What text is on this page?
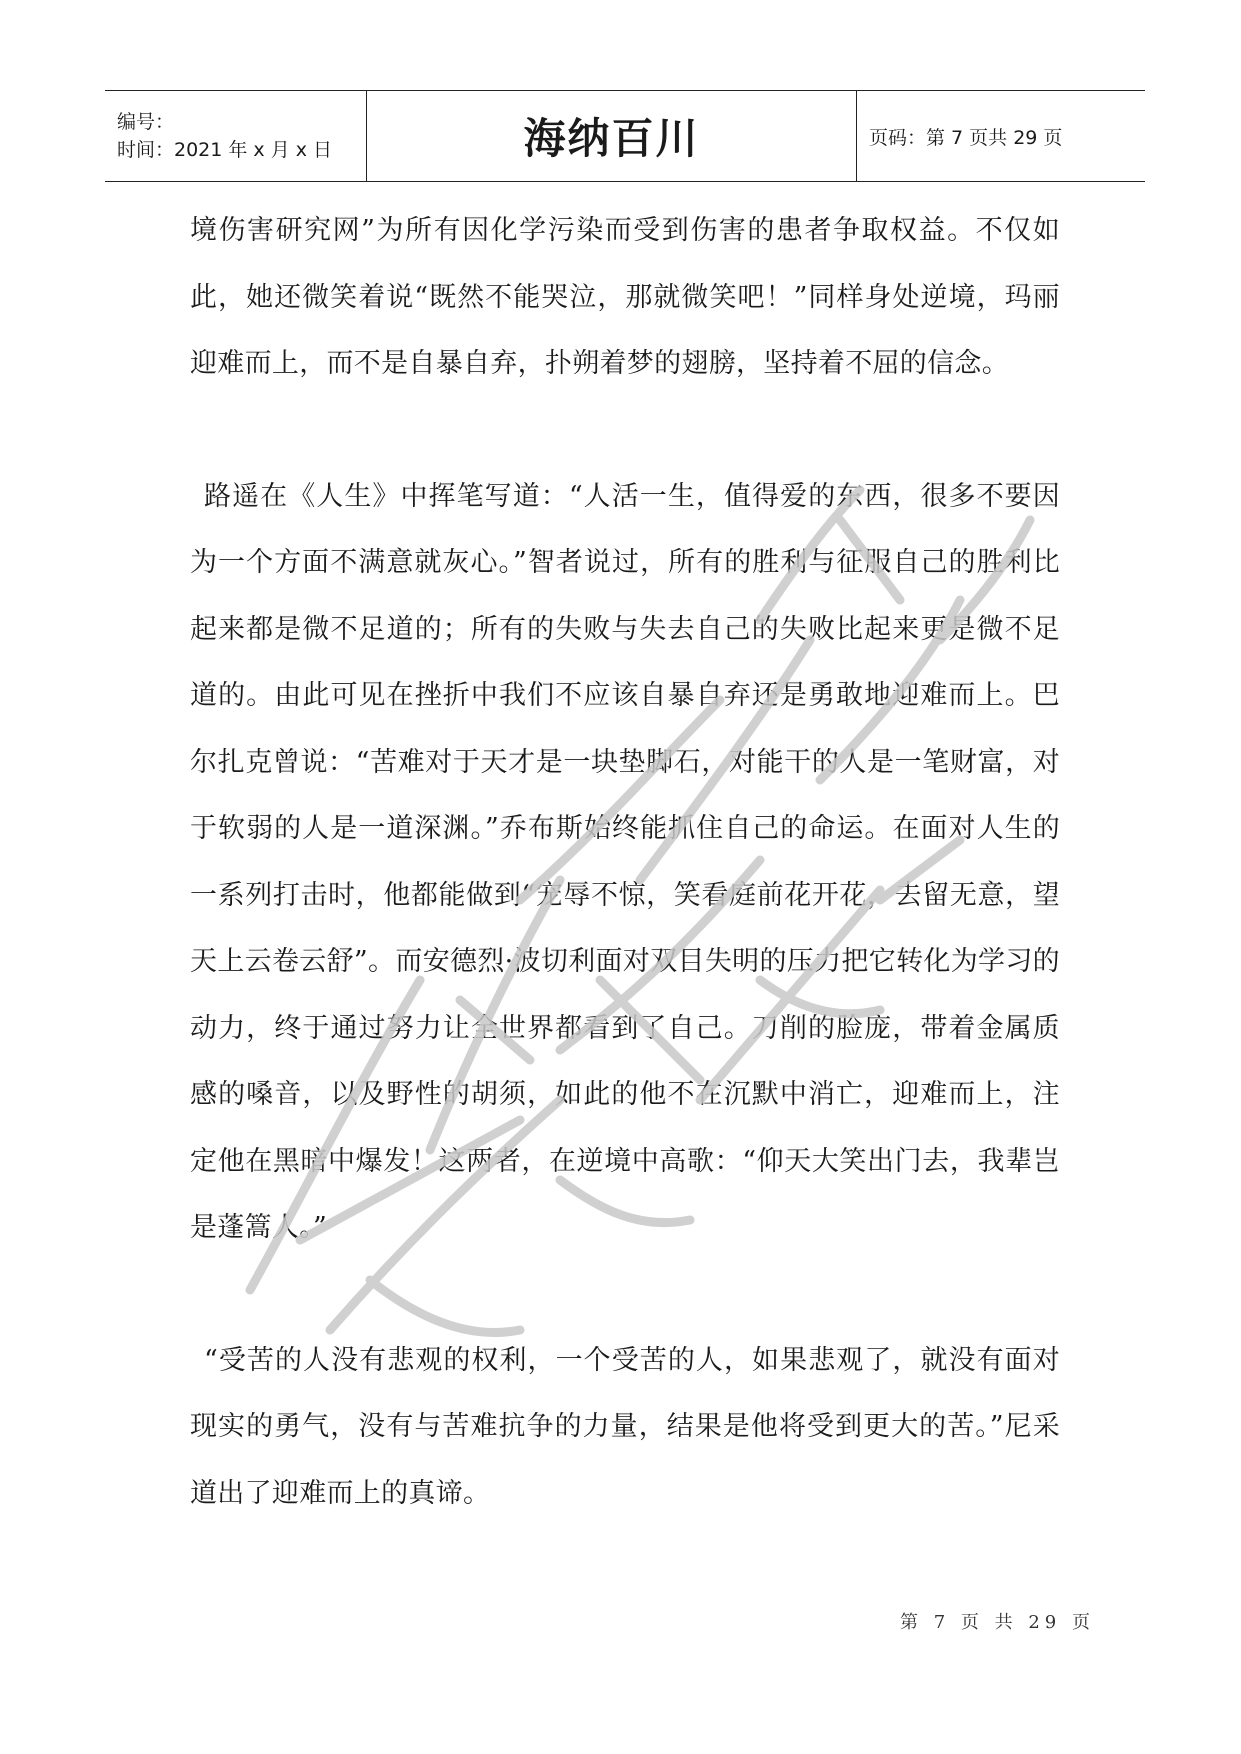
编号：
时间：2021 年 x 月 x 日	海纳百川	页码：第 7 页共 29 页

境伤害研究网”为所有因化学污染而受到伤害的患者争取权益。不仅如此，她还微笑着说“既然不能哭泣，那就微笑吧！”同样身处逆境，玛丽迎难而上，而不是自暴自弃，扑朔着梦的翅膀，坚持着不屈的信念。

路遥在《人生》中挥笔写道：“人活一生，值得爱的东西，很多不要因为一个方面不满意就灰心。”智者说过，所有的胜利与征服自己的胜利比起来都是微不足道的；所有的失败与失去自己的失败比起来更是微不足道的。由此可见在挫折中我们不应该自暴自弃还是勇敢地迎难而上。巴尔扎克曾说：“苦难对于天才是一块垫脚石，对能干的人是一笔财富，对于软弱的人是一道深渊。”乔布斯始终能抓住自己的命运。在面对人生的一系列打击时，他都能做到“宠辱不惊，笑看庭前花开花，去留无意，望天上云卷云舒”。而安德烈·波切利面对双目失明的压力把它转化为学习的动力，终于通过努力让全世界都看到了自己。刀削的脸庞，带着金属质感的嗓音，以及野性的胡须，如此的他不在沉默中消亡，迎难而上，注定他在黑暗中爆发！这两者，在逆境中高歌：“仰天大笑出门去，我辈岂是蓬篙人。”

“受苦的人没有悲观的权利，一个受苦的人，如果悲观了，就没有面对现实的勇气，没有与苦难抗争的力量，结果是他将受到更大的苦。”尼采道出了迎难而上的真谛。

第 7 页 共 29 页
